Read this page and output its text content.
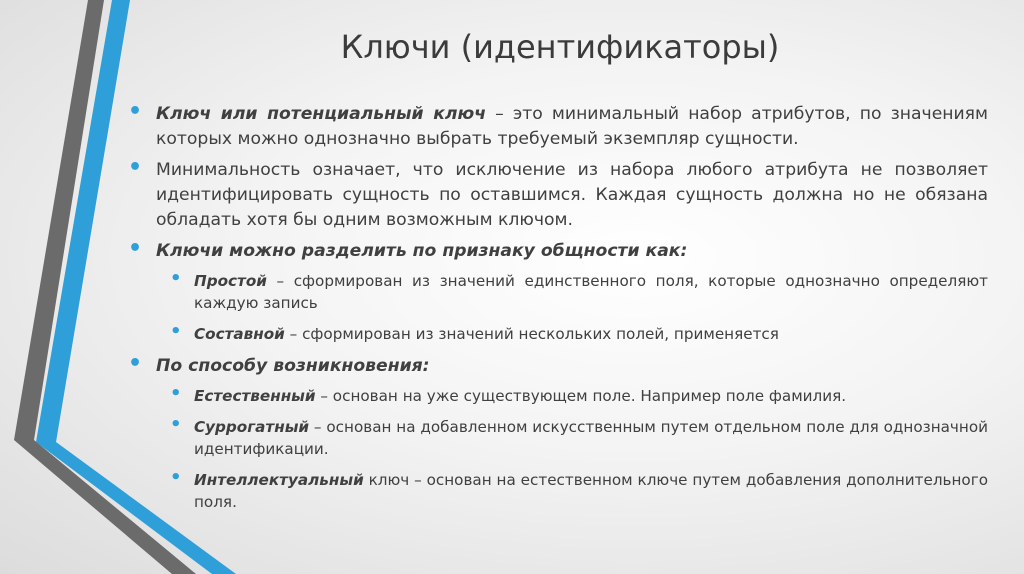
Ключи (идентификаторы)
• Ключ или потенциальный ключ – это минимальный набор атрибутов, по значениям которых можно однозначно выбрать требуемый экземпляр сущности.
• Минимальность означает, что исключение из набора любого атрибута не позволяет идентифицировать сущность по оставшимся. Каждая сущность должна но не обязана обладать хотя бы одним возможным ключом.
• Ключи можно разделить по признаку общности как:
• Простой – сформирован из значений единственного поля, которые однозначно определяют каждую запись
• Составной – сформирован из значений нескольких полей, применяется
• По способу возникновения:
• Естественный – основан на уже существующем поле. Например поле фамилия.
• Суррогатный – основан на добавленном искусственным путем отдельном поле для однозначной идентификации.
• Интеллектуальный ключ – основан на естественном ключе путем добавления дополнительного поля.
